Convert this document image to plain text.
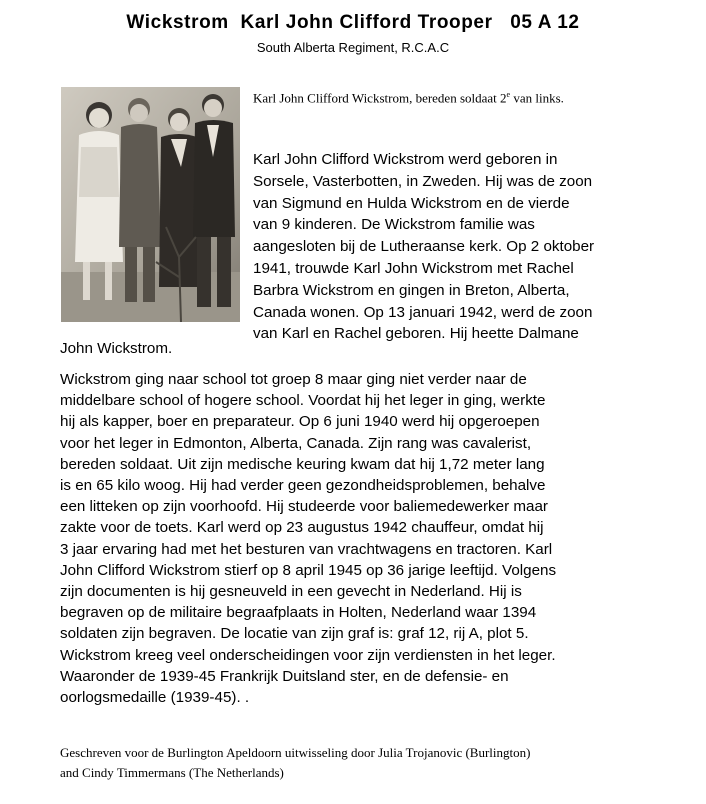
Wickstrom  Karl John Clifford Trooper   05 A 12
South Alberta Regiment, R.C.A.C
Karl John Clifford Wickstrom, bereden soldaat 2e van links.
Karl John Clifford Wickstrom werd geboren in
Sorsele, Vasterbotten, in Zweden. Hij was de zoon
van Sigmund en Hulda Wickstrom en de vierde
van 9 kinderen. De Wickstrom familie was
aangesloten bij de Lutheraanse kerk. Op 2 oktober
1941, trouwde Karl John Wickstrom met Rachel
Barbra Wickstrom en gingen in Breton, Alberta,
Canada wonen. Op 13 januari 1942, werd de zoon
van Karl en Rachel geboren. Hij heette Dalmane
John Wickstrom.
Wickstrom ging naar school tot groep 8 maar ging niet verder naar de
middelbare school of hogere school. Voordat hij het leger in ging, werkte
hij als kapper, boer en preparateur. Op 6 juni 1940 werd hij opgeroepen
voor het leger in Edmonton, Alberta, Canada. Zijn rang was cavalerist,
bereden soldaat. Uit zijn medische keuring kwam dat hij 1,72 meter lang
is en 65 kilo woog. Hij had verder geen gezondheidsproblemen, behalve
een litteken op zijn voorhoofd. Hij studeerde voor baliemedewerker maar
zakte voor de toets. Karl werd op 23 augustus 1942 chauffeur, omdat hij
3 jaar ervaring had met het besturen van vrachtwagens en tractoren. Karl
John Clifford Wickstrom stierf op 8 april 1945 op 36 jarige leeftijd. Volgens
zijn documenten is hij gesneuveld in een gevecht in Nederland. Hij is
begraven op de militaire begraafplaats in Holten, Nederland waar 1394
soldaten zijn begraven. De locatie van zijn graf is: graf 12, rij A, plot 5.
Wickstrom kreeg veel onderscheidingen voor zijn verdiensten in het leger.
Waaronder de 1939-45 Frankrijk Duitsland ster, en de defensie- en
oorlogsmedaille (1939-45). .
Geschreven voor de Burlington Apeldoorn uitwisseling door Julia Trojanovic (Burlington)
and Cindy Timmermans (The Netherlands)
